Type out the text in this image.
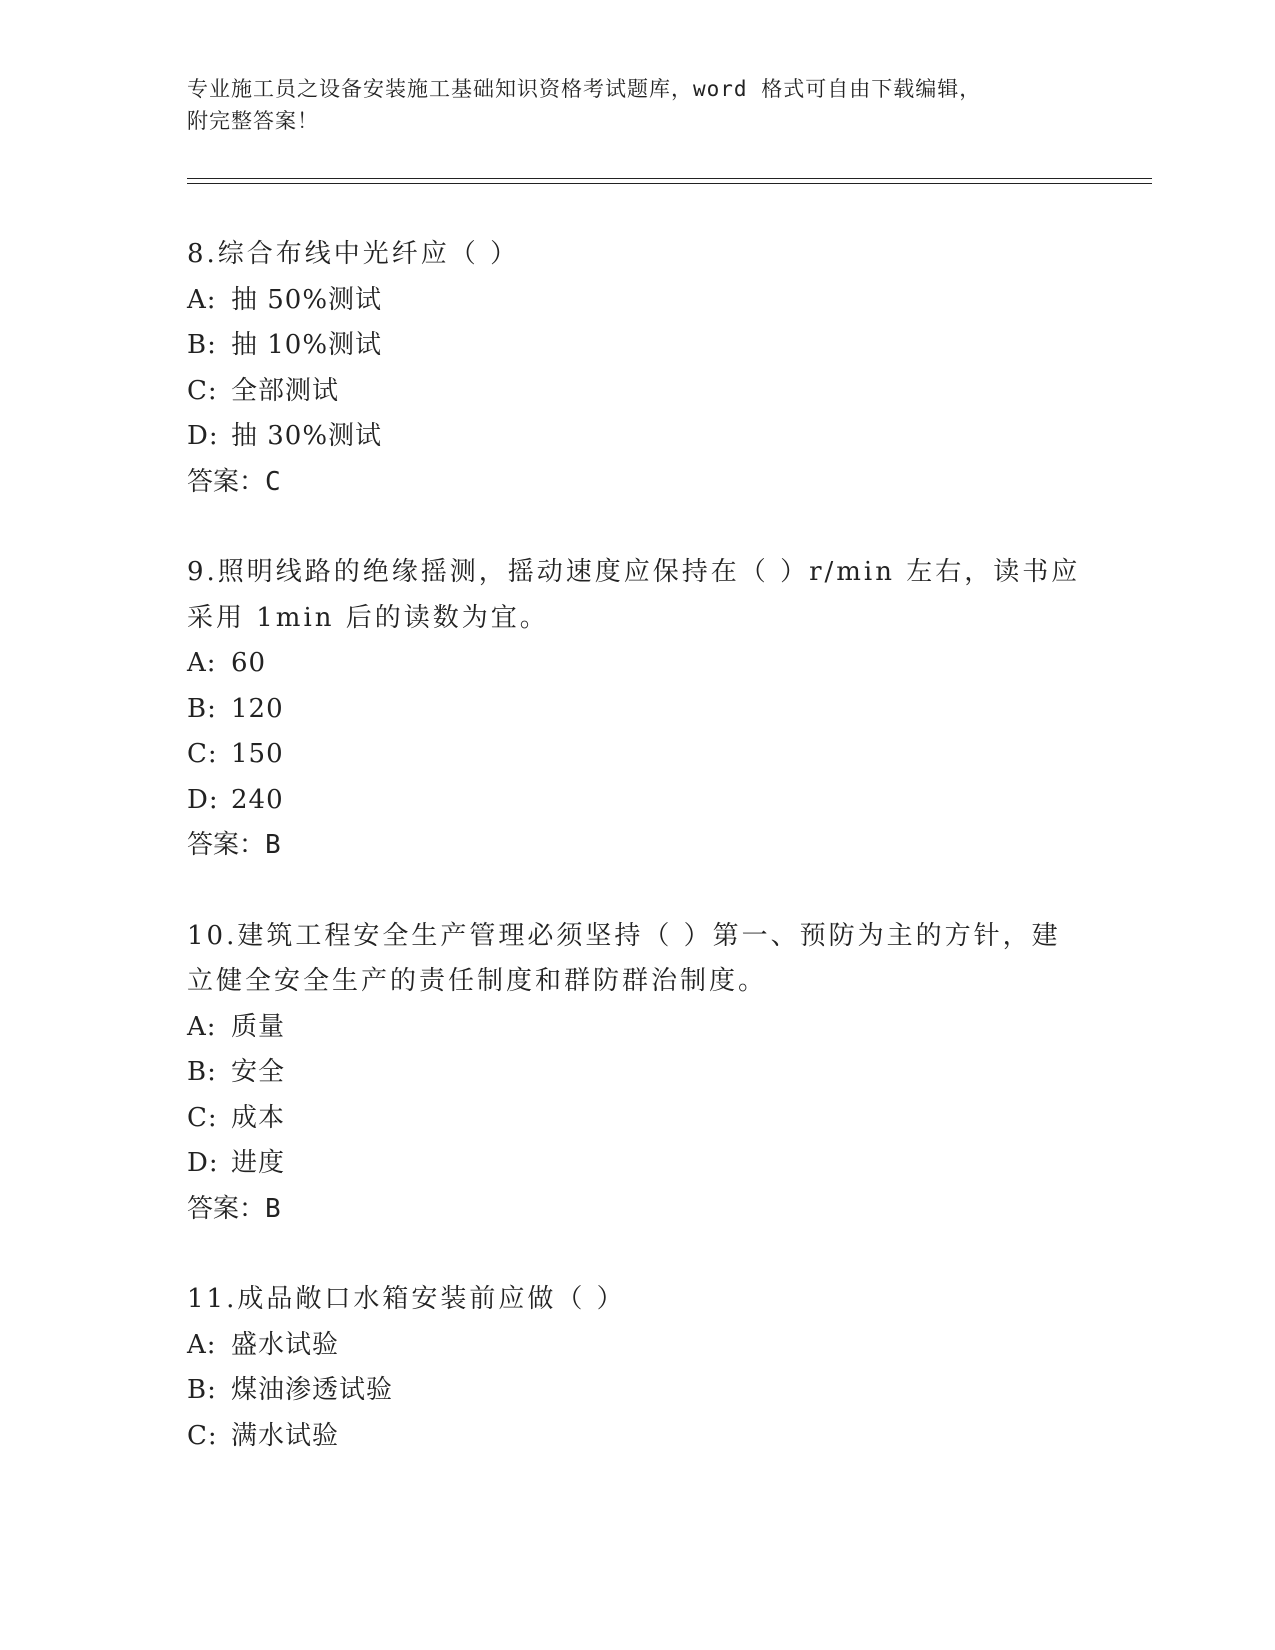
专业施工员之设备安装施工基础知识资格考试题库，word 格式可自由下载编辑，
附完整答案！
8.综合布线中光纤应（ ）
A: 抽 50%测试
B: 抽 10%测试
C: 全部测试
D: 抽 30%测试
答案：C
9.照明线路的绝缘摇测，摇动速度应保持在（ ）r/min 左右，读书应采用 1min 后的读数为宜。
A: 60
B: 120
C: 150
D: 240
答案：B
10.建筑工程安全生产管理必须坚持（ ）第一、预防为主的方针，建立健全安全生产的责任制度和群防群治制度。
A: 质量
B: 安全
C: 成本
D: 进度
答案：B
11.成品敞口水箱安装前应做（ ）
A: 盛水试验
B: 煤油渗透试验
C: 满水试验
